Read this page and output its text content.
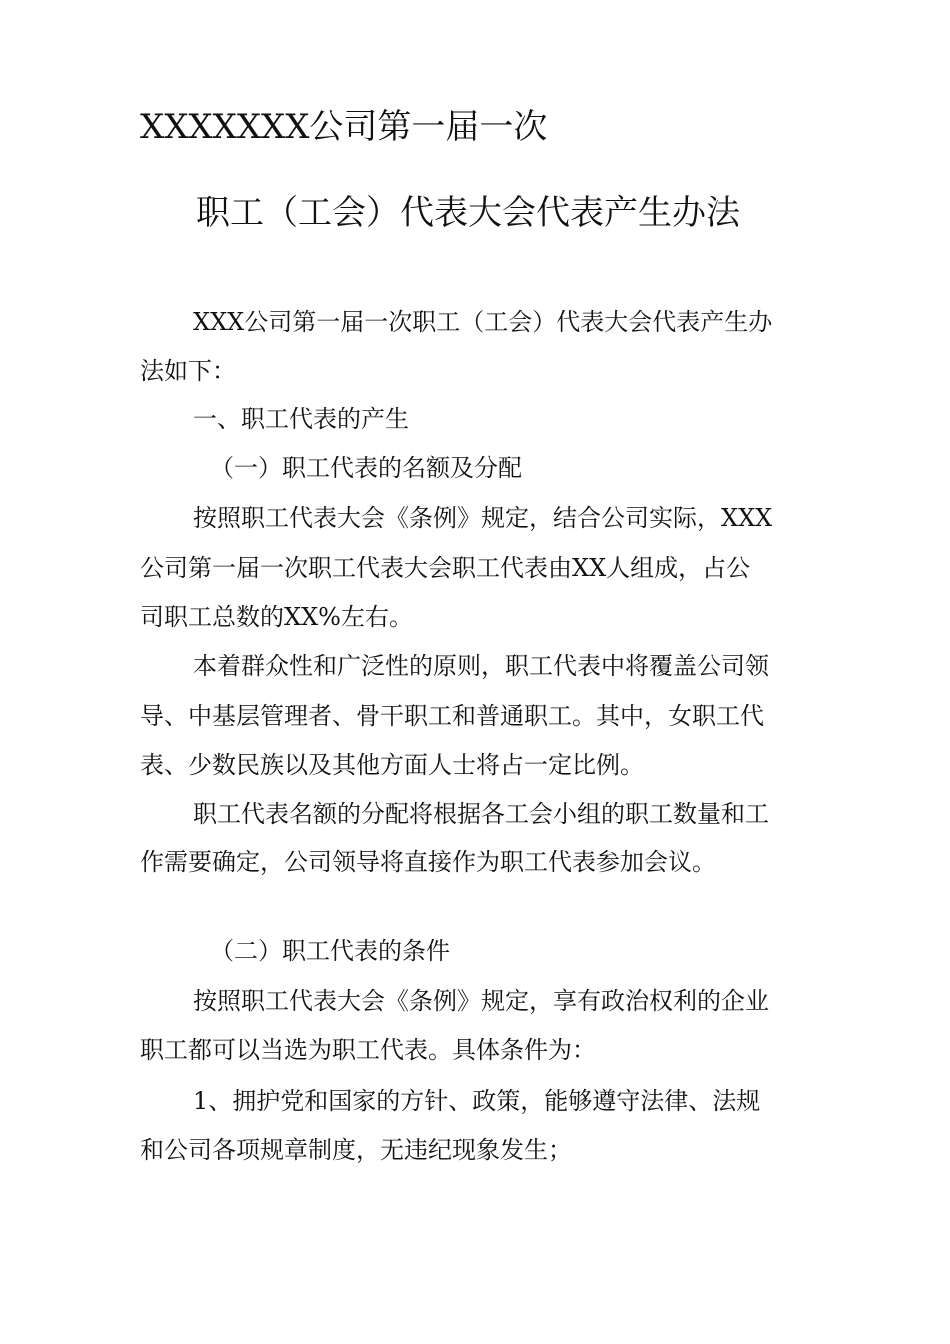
XXXXXXX公司第一届一次
职工（工会）代表大会代表产生办法
XXX公司第一届一次职工（工会）代表大会代表产生办
法如下：
一、职工代表的产生
（一）职工代表的名额及分配
按照职工代表大会《条例》规定，结合公司实际，XXX
公司第一届一次职工代表大会职工代表由XX人组成，占公
司职工总数的XX%左右。
本着群众性和广泛性的原则，职工代表中将覆盖公司领
导、中基层管理者、骨干职工和普通职工。其中，女职工代
表、少数民族以及其他方面人士将占一定比例。
职工代表名额的分配将根据各工会小组的职工数量和工
作需要确定，公司领导将直接作为职工代表参加会议。
（二）职工代表的条件
按照职工代表大会《条例》规定，享有政治权利的企业
职工都可以当选为职工代表。具体条件为：
1、拥护党和国家的方针、政策，能够遵守法律、法规
和公司各项规章制度，无违纪现象发生；
